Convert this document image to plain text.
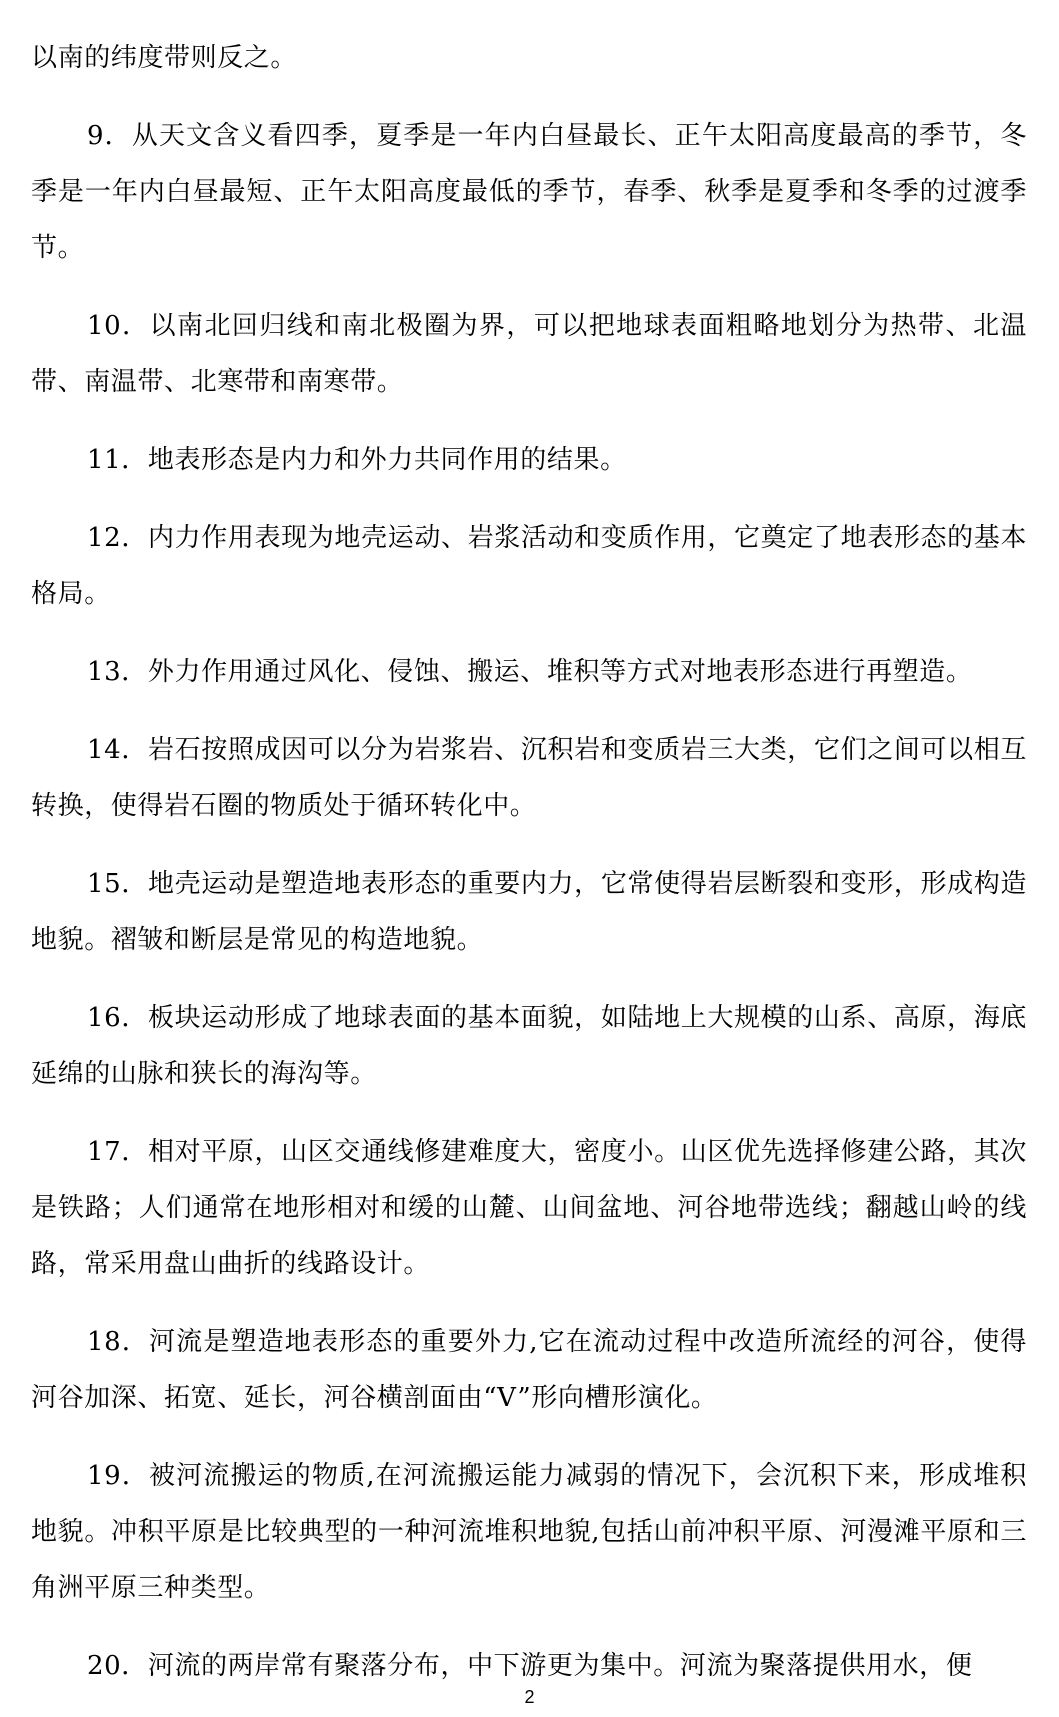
以南的纬度带则反之。

9．从天文含义看四季，夏季是一年内白昼最长、正午太阳高度最高的季节，冬季是一年内白昼最短、正午太阳高度最低的季节，春季、秋季是夏季和冬季的过渡季节。

10．以南北回归线和南北极圈为界，可以把地球表面粗略地划分为热带、北温带、南温带、北寒带和南寒带。

11．地表形态是内力和外力共同作用的结果。

12．内力作用表现为地壳运动、岩浆活动和变质作用，它奠定了地表形态的基本格局。

13．外力作用通过风化、侵蚀、搬运、堆积等方式对地表形态进行再塑造。

14．岩石按照成因可以分为岩浆岩、沉积岩和变质岩三大类，它们之间可以相互转换，使得岩石圈的物质处于循环转化中。

15．地壳运动是塑造地表形态的重要内力，它常使得岩层断裂和变形，形成构造地貌。褶皱和断层是常见的构造地貌。

16．板块运动形成了地球表面的基本面貌，如陆地上大规模的山系、高原，海底延绵的山脉和狭长的海沟等。

17．相对平原，山区交通线修建难度大，密度小。山区优先选择修建公路，其次是铁路；人们通常在地形相对和缓的山麓、山间盆地、河谷地带选线；翻越山岭的线路，常采用盘山曲折的线路设计。

18．河流是塑造地表形态的重要外力,它在流动过程中改造所流经的河谷，使得河谷加深、拓宽、延长，河谷横剖面由“V”形向槽形演化。

19．被河流搬运的物质,在河流搬运能力减弱的情况下，会沉积下来，形成堆积地貌。冲积平原是比较典型的一种河流堆积地貌,包括山前冲积平原、河漫滩平原和三角洲平原三种类型。

20．河流的两岸常有聚落分布，中下游更为集中。河流为聚落提供用水，便

2
